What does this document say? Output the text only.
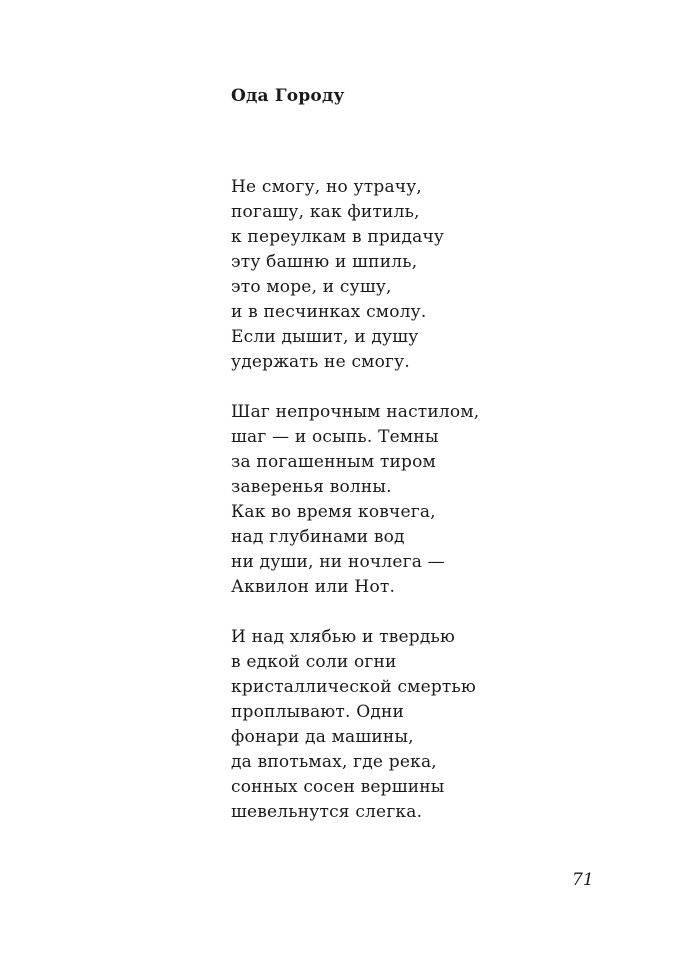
Ода Городу
Не смогу, но утрачу,
погашу, как фитиль,
к переулкам в придачу
эту башню и шпиль,
это море, и сушу,
и в песчинках смолу.
Если дышит, и душу
удержать не смогу.
Шаг непрочным настилом,
шаг — и осыпь. Темны
за погашенным тиром
заверенья волны.
Как во время ковчега,
над глубинами вод
ни души, ни ночлега —
Аквилон или Нот.
И над хлябью и твердью
в едкой соли огни
кристаллической смертью
проплывают. Одни
фонари да машины,
да впотьмах, где река,
сонных сосен вершины
шевельнутся слегка.
71
